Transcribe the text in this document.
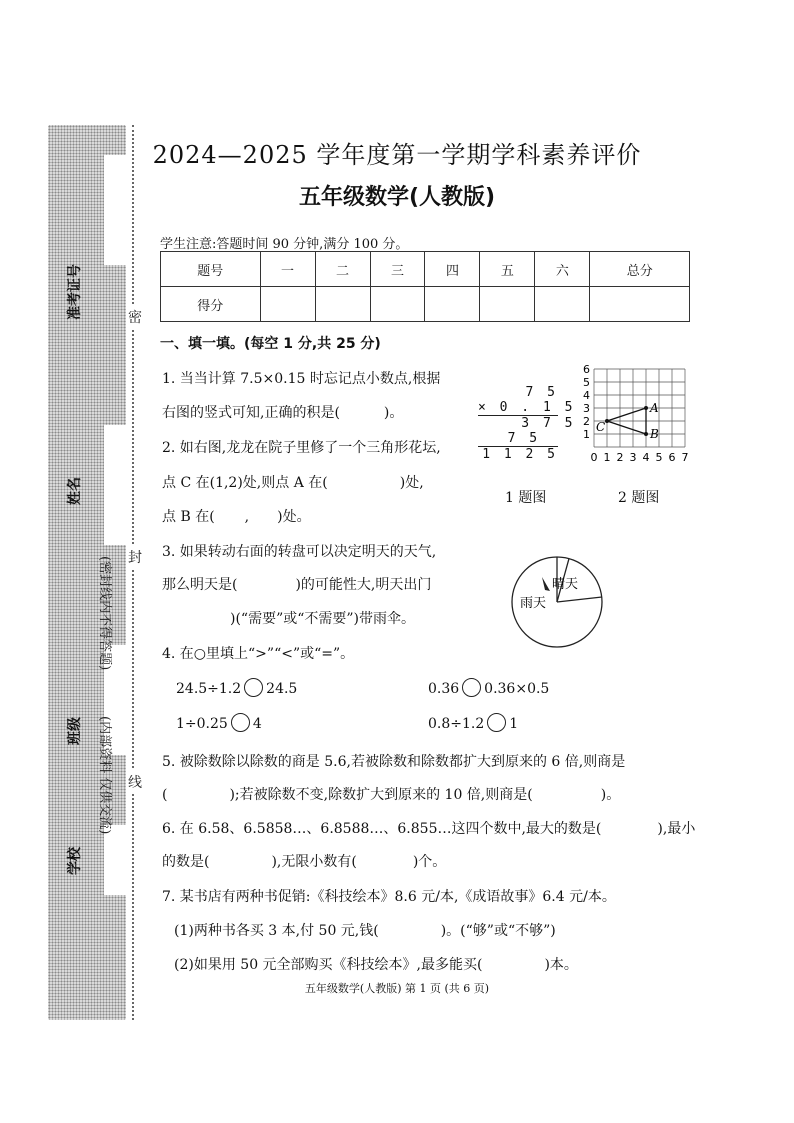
准考证号
姓名
班级
学校
(密封线内不得答题)
(内部资料 仅供交流)
密
封
线
2024—2025 学年度第一学期学科素养评价
五年级数学(人教版)
学生注意:答题时间 90 分钟,满分 100 分。
题号	一	二	三	四	五	六	总分
得分							
一、填一填。(每空 1 分,共 25 分)
1. 当当计算 7.5×0.15 时忘记点小数点,根据
右图的竖式可知,正确的积是(	)。
2. 如右图,龙龙在院子里修了一个三角形花坛,
点 C 在(1,2)处,则点 A 在(	)处,
点 B 在( , )处。
3. 如果转动右面的转盘可以决定明天的天气,
那么明天是(	)的可能性大,明天出门
)(“需要”或“不需要”)带雨伞。
4. 在○里填上“>”“<”或“=”。
24.5÷1.2 24.5	0.36 0.36×0.5
1÷0.25 4	0.8÷1.2 1
5. 被除数除以除数的商是 5.6,若被除数和除数都扩大到原来的 6 倍,则商是
(	);若被除数不变,除数扩大到原来的 10 倍,则商是(	)。
6. 在 6.58、6.5858…、6.8588…、6.855…这四个数中,最大的数是(	),最小
的数是(	),无限小数有(	)个。
7. 某书店有两种书促销:《科技绘本》8.6 元/本,《成语故事》6.4 元/本。
(1)两种书各买 3 本,付 50 元,钱(	)。(“够”或“不够”)
(2)如果用 50 元全部购买《科技绘本》,最多能买(	)本。
7 5
× 0 . 1 5
3 7 5
7 5
1 1 2 5
1 题图
0 1 2 3 4 5 6 7
1
2
3
4
5
6
A
B
C
2 题图
晴天
雨天
五年级数学(人教版) 第 1 页 (共 6 页)
